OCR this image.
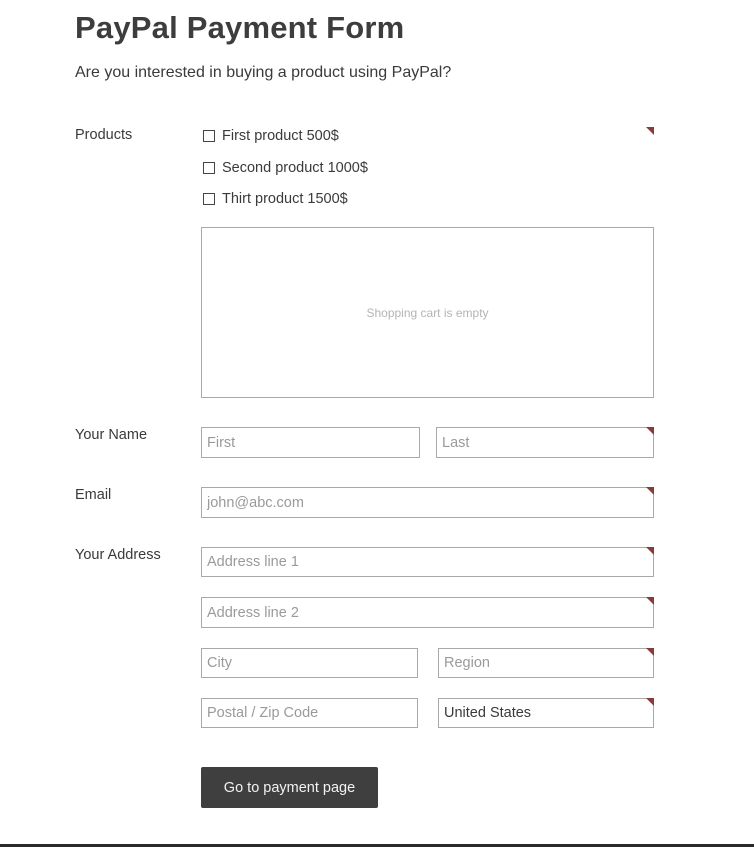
PayPal Payment Form
Are you interested in buying a product using PayPal?
Products	First product 500$
Second product 1000$
Thirt product 1500$
Shopping cart is empty
Your Name
First
Last
Email
john@abc.com
Your Address
Address line 1
Address line 2
City
Region
Postal / Zip Code
United States
Go to payment page
